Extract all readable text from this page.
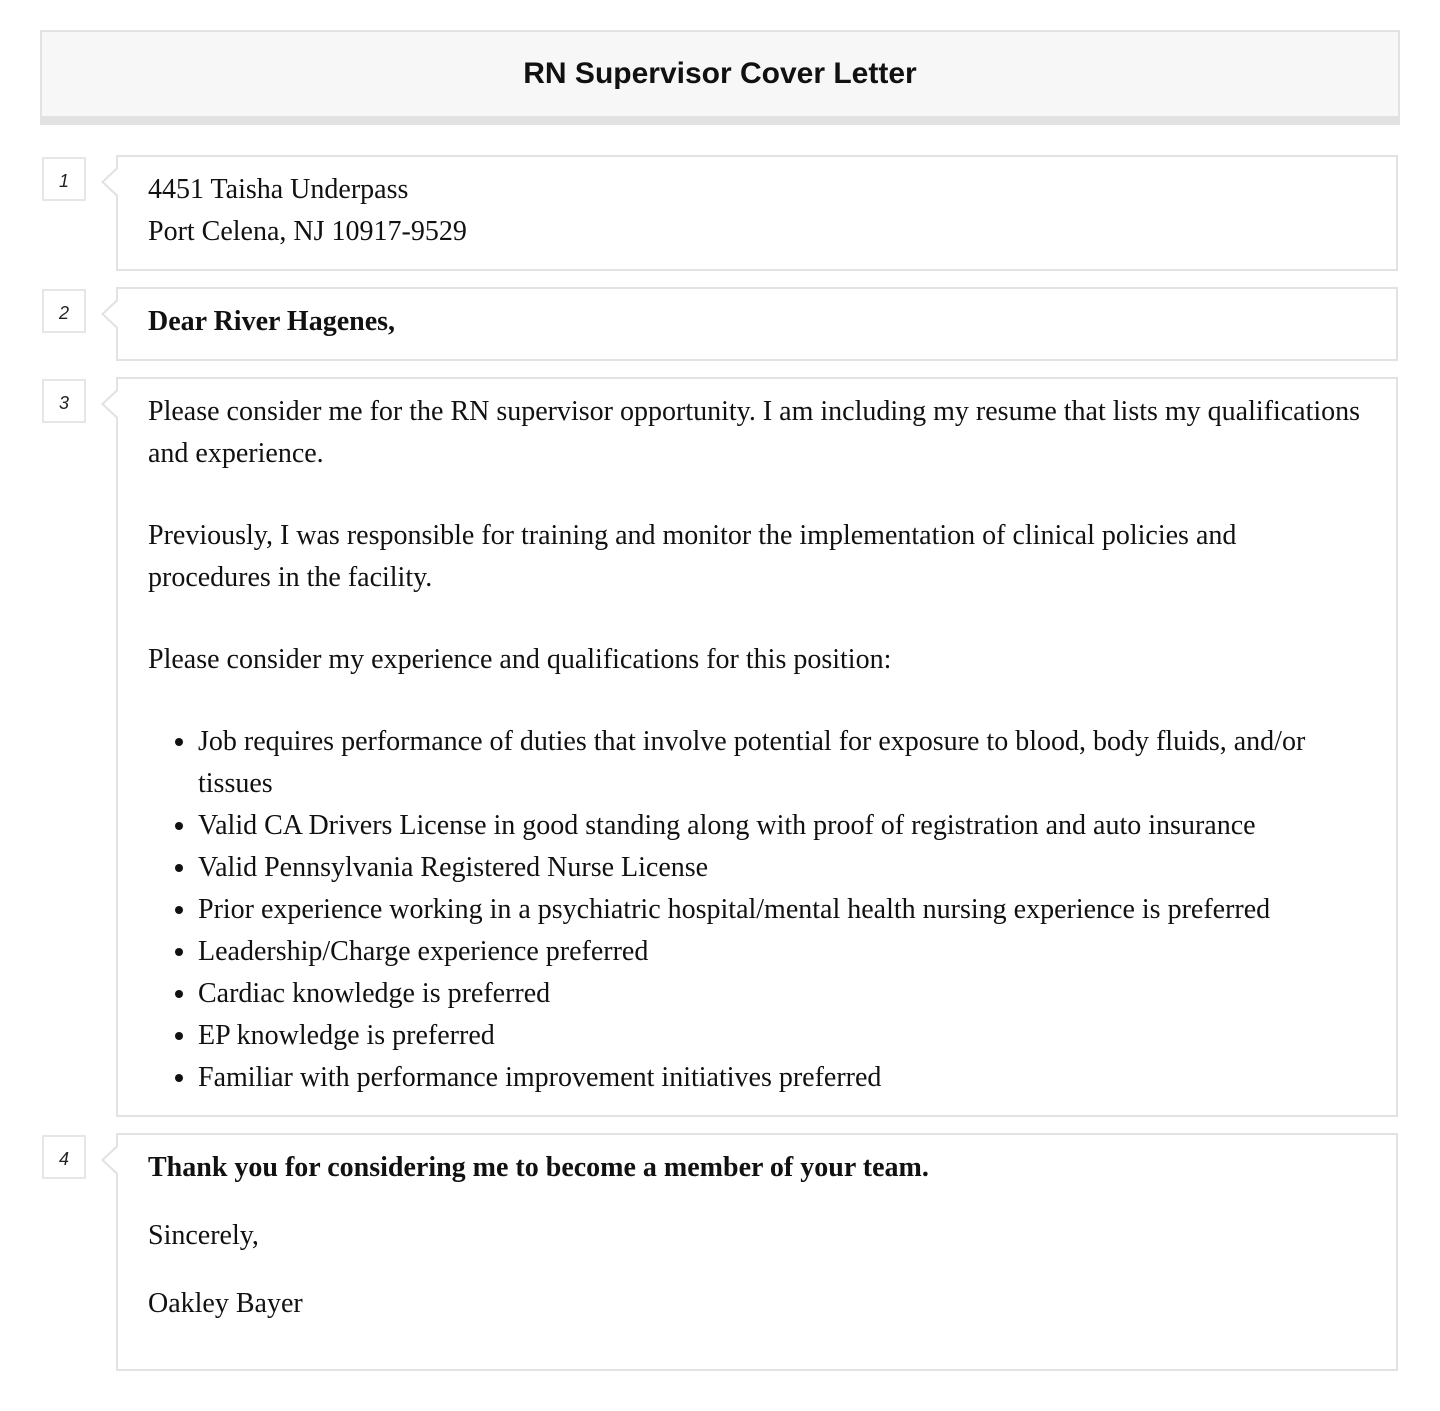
RN Supervisor Cover Letter
1	4451 Taisha Underpass

Port Celena, NJ 10917-9529

2	Dear River Hagenes,

3	Please consider me for the RN supervisor opportunity. I am including my resume that lists my qualifications and experience.

Previously, I was responsible for training and monitor the implementation of clinical policies and procedures in the facility.

Please consider my experience and qualifications for this position:

• Job requires performance of duties that involve potential for exposure to blood, body fluids, and/or tissues
• Valid CA Drivers License in good standing along with proof of registration and auto insurance
• Valid Pennsylvania Registered Nurse License
• Prior experience working in a psychiatric hospital/mental health nursing experience is preferred
• Leadership/Charge experience preferred
• Cardiac knowledge is preferred
• EP knowledge is preferred
• Familiar with performance improvement initiatives preferred
4	Thank you for considering me to become a member of your team.

Sincerely,

Oakley Bayer
